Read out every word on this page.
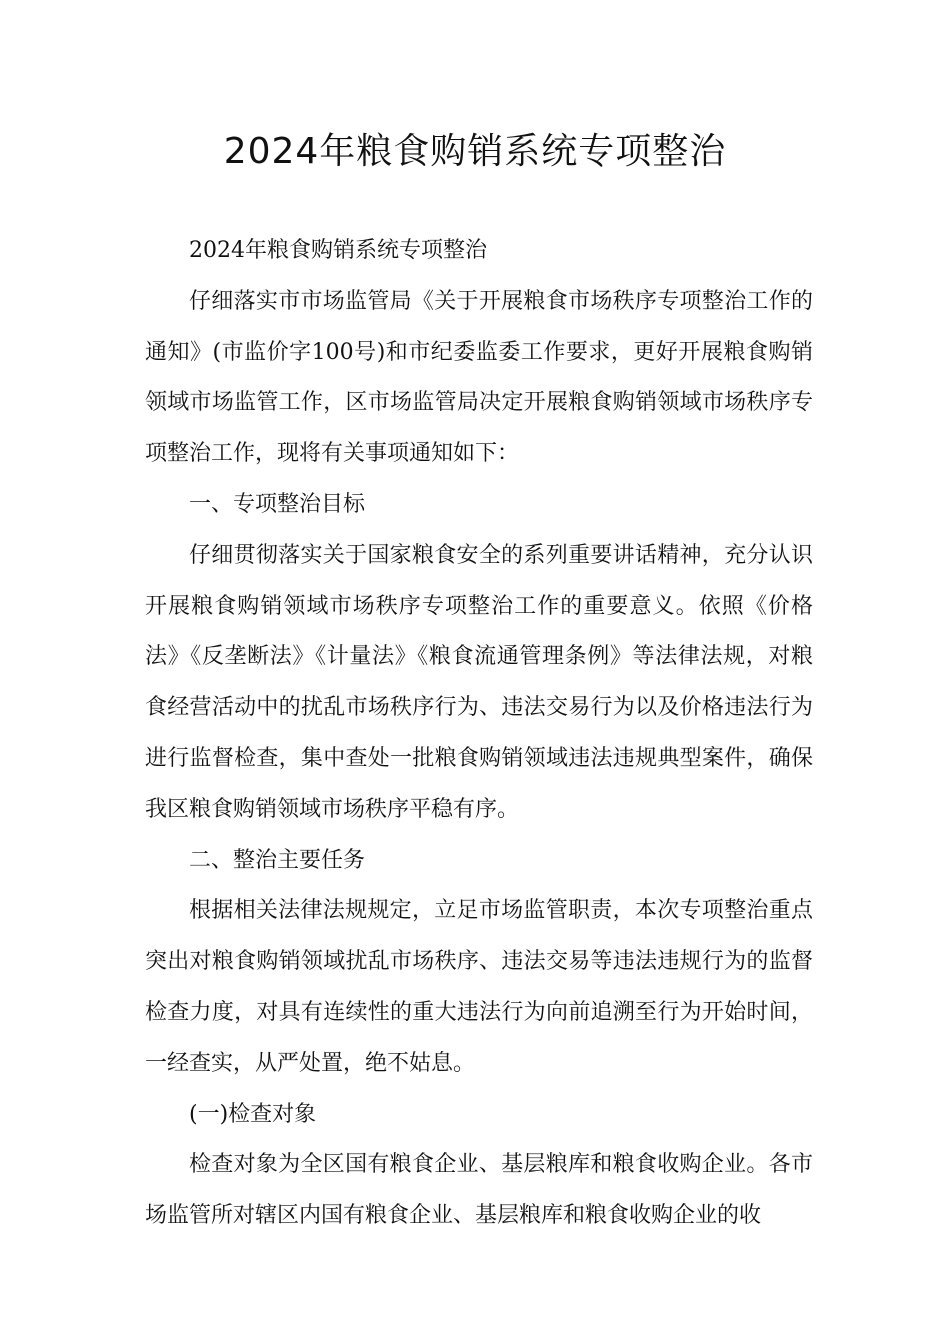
2024年粮食购销系统专项整治

2024年粮食购销系统专项整治

仔细落实市市场监管局《关于开展粮食市场秩序专项整治工作的通知》(市监价字100号)和市纪委监委工作要求，更好开展粮食购销领域市场监管工作，区市场监管局决定开展粮食购销领域市场秩序专项整治工作，现将有关事项通知如下：

一、专项整治目标

仔细贯彻落实关于国家粮食安全的系列重要讲话精神，充分认识开展粮食购销领域市场秩序专项整治工作的重要意义。依照《价格法》《反垄断法》《计量法》《粮食流通管理条例》等法律法规，对粮食经营活动中的扰乱市场秩序行为、违法交易行为以及价格违法行为进行监督检查，集中查处一批粮食购销领域违法违规典型案件，确保我区粮食购销领域市场秩序平稳有序。

二、整治主要任务

根据相关法律法规规定，立足市场监管职责，本次专项整治重点突出对粮食购销领域扰乱市场秩序、违法交易等违法违规行为的监督检查力度，对具有连续性的重大违法行为向前追溯至行为开始时间，一经查实，从严处置，绝不姑息。

(一)检查对象

检查对象为全区国有粮食企业、基层粮库和粮食收购企业。各市场监管所对辖区内国有粮食企业、基层粮库和粮食收购企业的收
